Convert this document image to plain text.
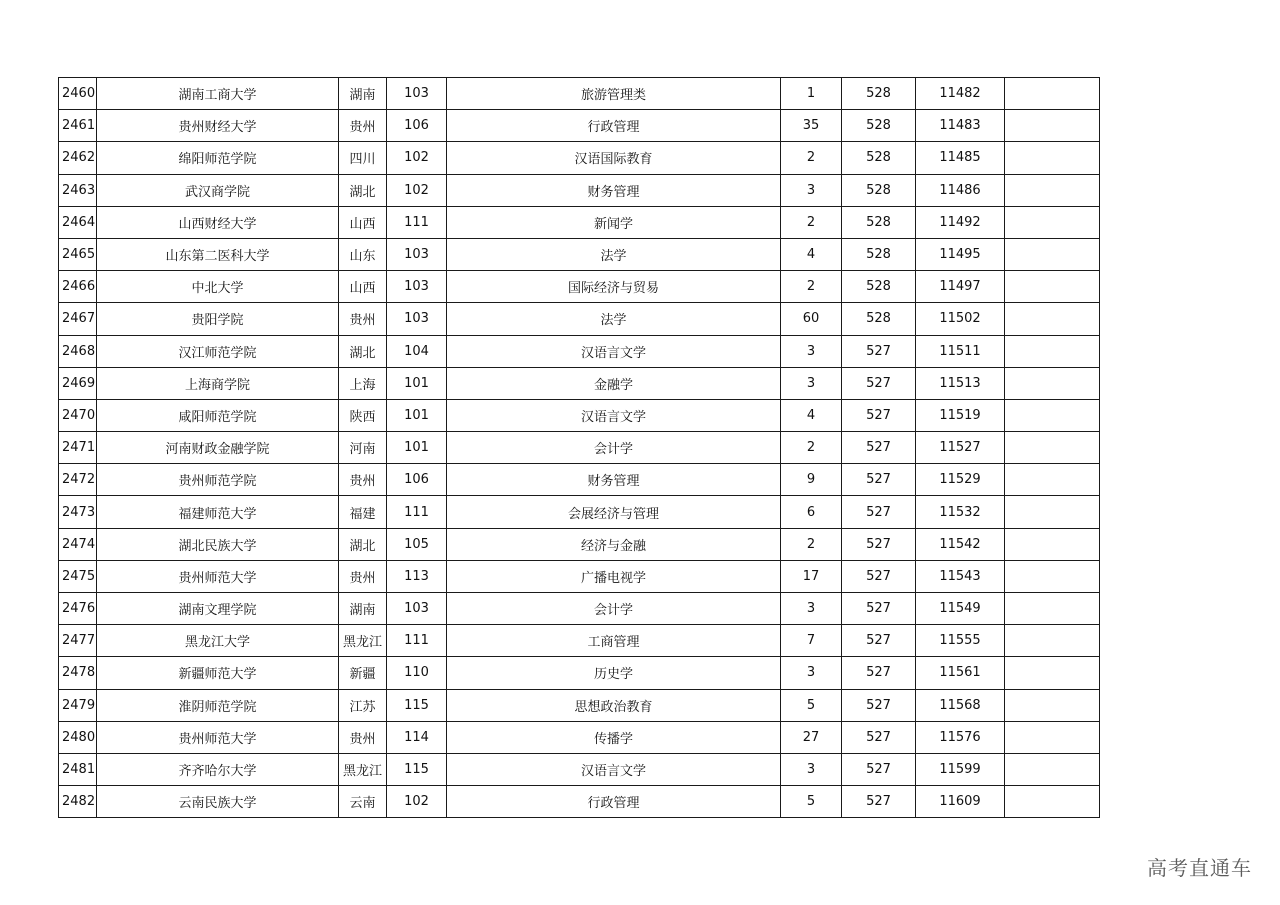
2460	湖南工商大学	湖南	103	旅游管理类	1	528	11482	
2461	贵州财经大学	贵州	106	行政管理	35	528	11483	
2462	绵阳师范学院	四川	102	汉语国际教育	2	528	11485	
2463	武汉商学院	湖北	102	财务管理	3	528	11486	
2464	山西财经大学	山西	111	新闻学	2	528	11492	
2465	山东第二医科大学	山东	103	法学	4	528	11495	
2466	中北大学	山西	103	国际经济与贸易	2	528	11497	
2467	贵阳学院	贵州	103	法学	60	528	11502	
2468	汉江师范学院	湖北	104	汉语言文学	3	527	11511	
2469	上海商学院	上海	101	金融学	3	527	11513	
2470	咸阳师范学院	陕西	101	汉语言文学	4	527	11519	
2471	河南财政金融学院	河南	101	会计学	2	527	11527	
2472	贵州师范学院	贵州	106	财务管理	9	527	11529	
2473	福建师范大学	福建	111	会展经济与管理	6	527	11532	
2474	湖北民族大学	湖北	105	经济与金融	2	527	11542	
2475	贵州师范大学	贵州	113	广播电视学	17	527	11543	
2476	湖南文理学院	湖南	103	会计学	3	527	11549	
2477	黑龙江大学	黑龙江	111	工商管理	7	527	11555	
2478	新疆师范大学	新疆	110	历史学	3	527	11561	
2479	淮阴师范学院	江苏	115	思想政治教育	5	527	11568	
2480	贵州师范大学	贵州	114	传播学	27	527	11576	
2481	齐齐哈尔大学	黑龙江	115	汉语言文学	3	527	11599	
2482	云南民族大学	云南	102	行政管理	5	527	11609	
高考直通车
